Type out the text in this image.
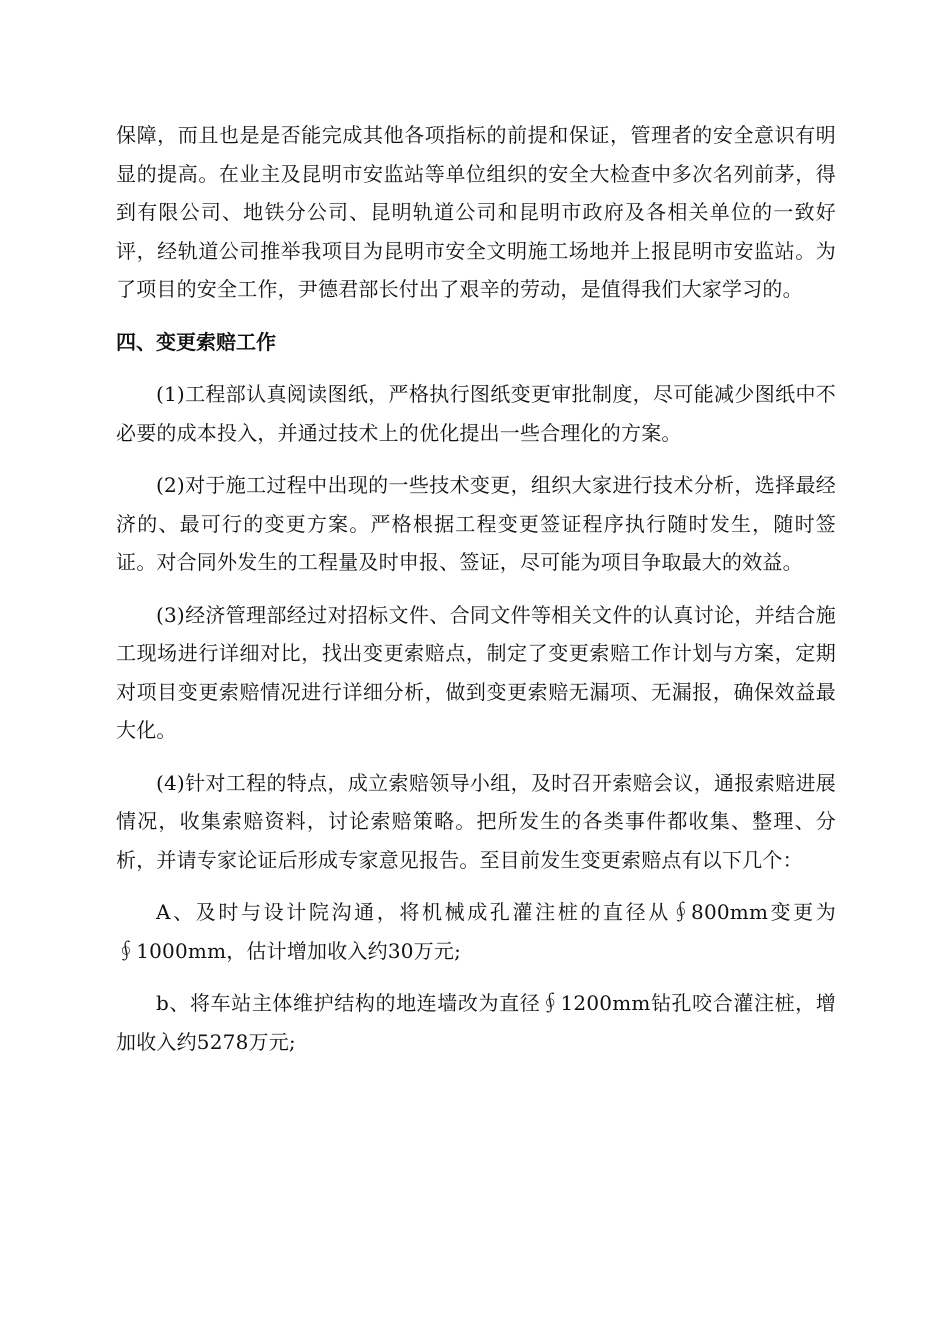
保障，而且也是是否能完成其他各项指标的前提和保证，管理者的安全意识有明显的提高。在业主及昆明市安监站等单位组织的安全大检查中多次名列前茅，得到有限公司、地铁分公司、昆明轨道公司和昆明市政府及各相关单位的一致好评，经轨道公司推举我项目为昆明市安全文明施工场地并上报昆明市安监站。为了项目的安全工作，尹德君部长付出了艰辛的劳动，是值得我们大家学习的。

四、变更索赔工作

(1)工程部认真阅读图纸，严格执行图纸变更审批制度，尽可能减少图纸中不必要的成本投入，并通过技术上的优化提出一些合理化的方案。

(2)对于施工过程中出现的一些技术变更，组织大家进行技术分析，选择最经济的、最可行的变更方案。严格根据工程变更签证程序执行随时发生，随时签证。对合同外发生的工程量及时申报、签证，尽可能为项目争取最大的效益。

(3)经济管理部经过对招标文件、合同文件等相关文件的认真讨论，并结合施工现场进行详细对比，找出变更索赔点，制定了变更索赔工作计划与方案，定期对项目变更索赔情况进行详细分析，做到变更索赔无漏项、无漏报，确保效益最大化。

(4)针对工程的特点，成立索赔领导小组，及时召开索赔会议，通报索赔进展情况，收集索赔资料，讨论索赔策略。把所发生的各类事件都收集、整理、分析，并请专家论证后形成专家意见报告。至目前发生变更索赔点有以下几个：

A、及时与设计院沟通，将机械成孔灌注桩的直径从∮800mm变更为∮1000mm，估计增加收入约30万元;

b、将车站主体维护结构的地连墙改为直径∮1200mm钻孔咬合灌注桩，增加收入约5278万元;
